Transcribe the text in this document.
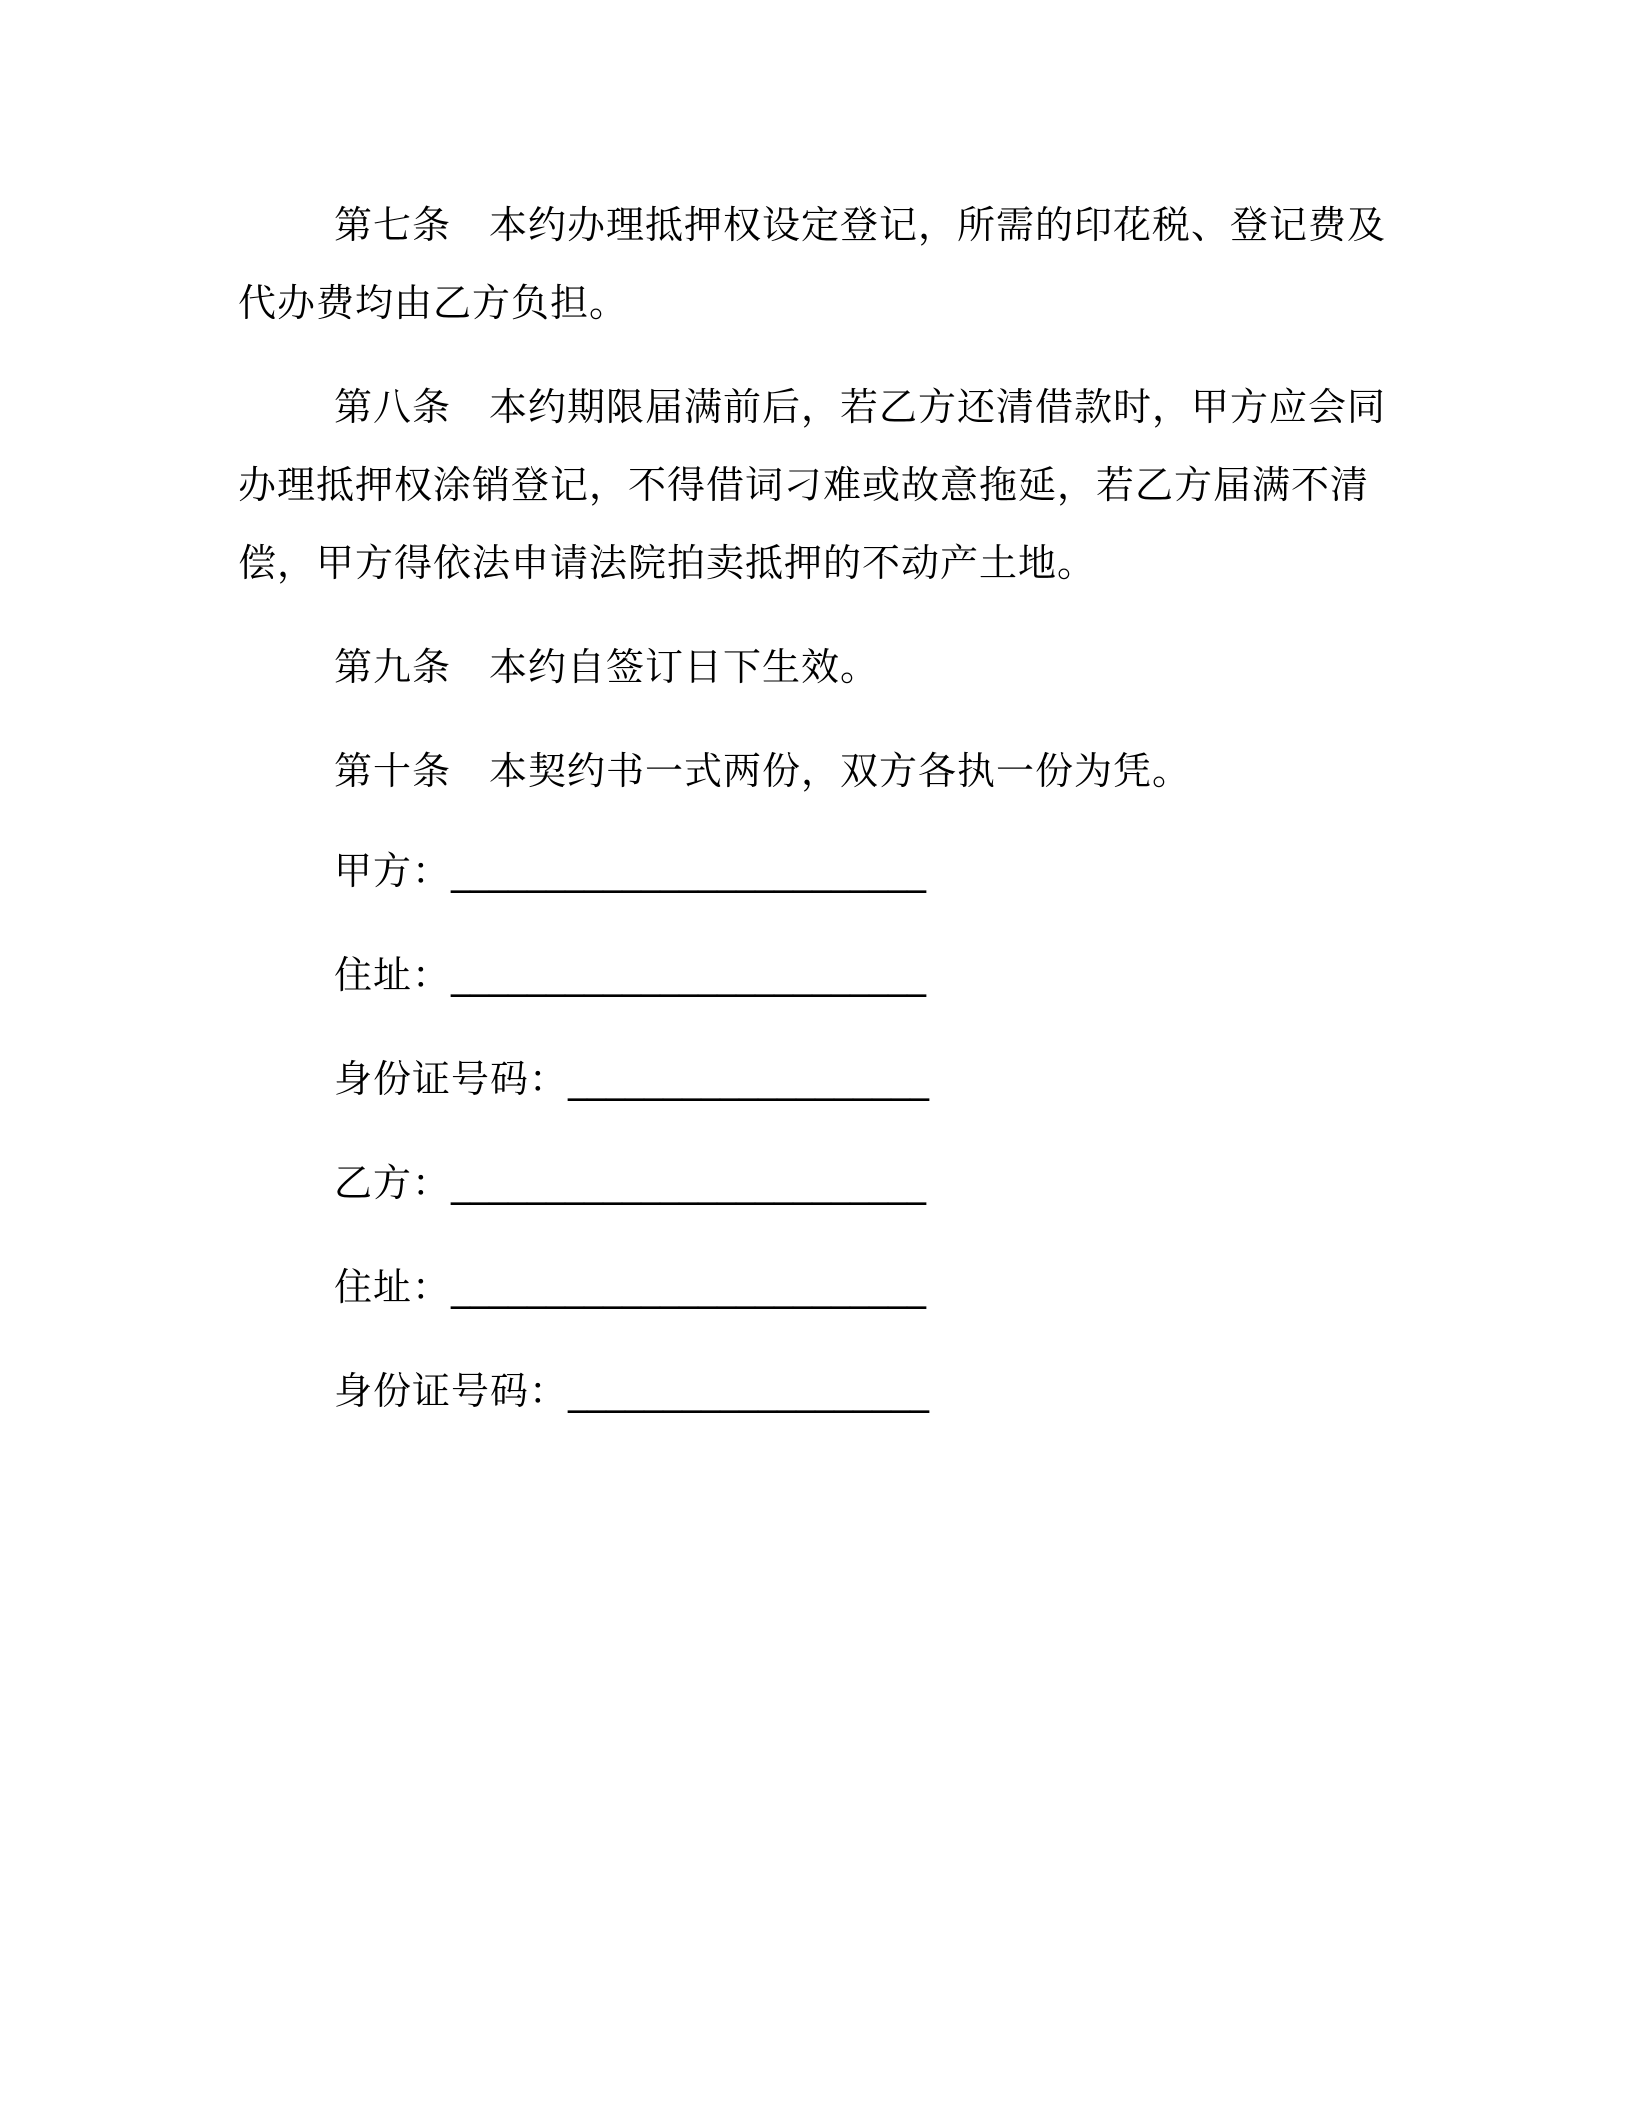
第七条 本约办理抵押权设定登记，所需的印花税、登记费及代办费均由乙方负担。

第八条 本约期限届满前后，若乙方还清借款时，甲方应会同办理抵押权涂销登记，不得借词刁难或故意拖延，若乙方届满不清偿，甲方得依法申请法院拍卖抵押的不动产土地。

第九条 本约自签订日下生效。

第十条 本契约书一式两份，双方各执一份为凭。

甲方：_________________________
住址：_________________________
身份证号码：___________________
乙方：_________________________
住址：_________________________
身份证号码：___________________
